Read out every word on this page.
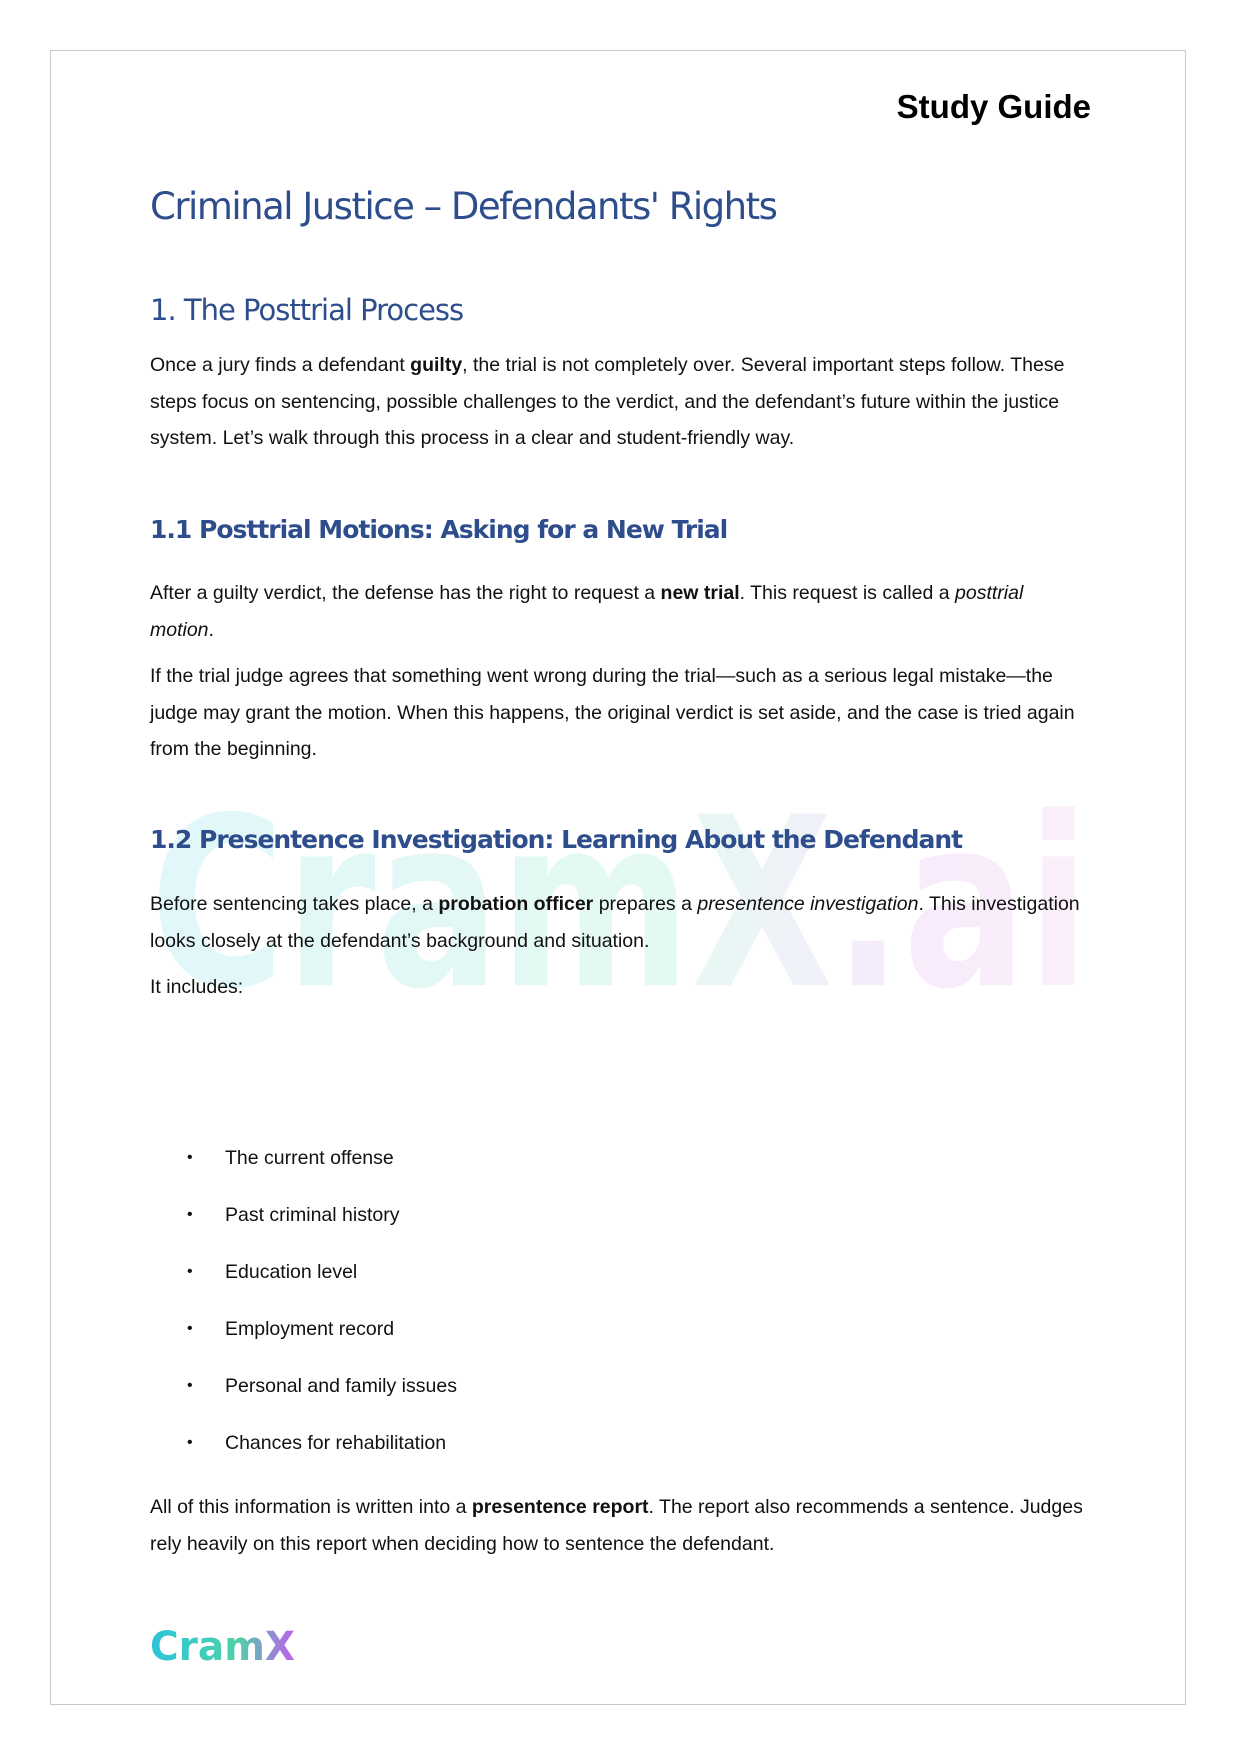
CramX.ai
Study Guide
Criminal Justice – Defendants' Rights
1. The Posttrial Process

Once a jury finds a defendant guilty, the trial is not completely over. Several important steps follow. These steps focus on sentencing, possible challenges to the verdict, and the defendant’s future within the justice system. Let’s walk through this process in a clear and student-friendly way.

1.1 Posttrial Motions: Asking for a New Trial

After a guilty verdict, the defense has the right to request a new trial. This request is called a posttrial motion.

If the trial judge agrees that something went wrong during the trial—such as a serious legal mistake—the judge may grant the motion. When this happens, the original verdict is set aside, and the case is tried again from the beginning.

1.2 Presentence Investigation: Learning About the Defendant

Before sentencing takes place, a probation officer prepares a presentence investigation. This investigation looks closely at the defendant’s background and situation.

It includes:

• The current offense
• Past criminal history
• Education level
• Employment record
• Personal and family issues
• Chances for rehabilitation

All of this information is written into a presentence report. The report also recommends a sentence. Judges rely heavily on this report when deciding how to sentence the defendant.

CramX
